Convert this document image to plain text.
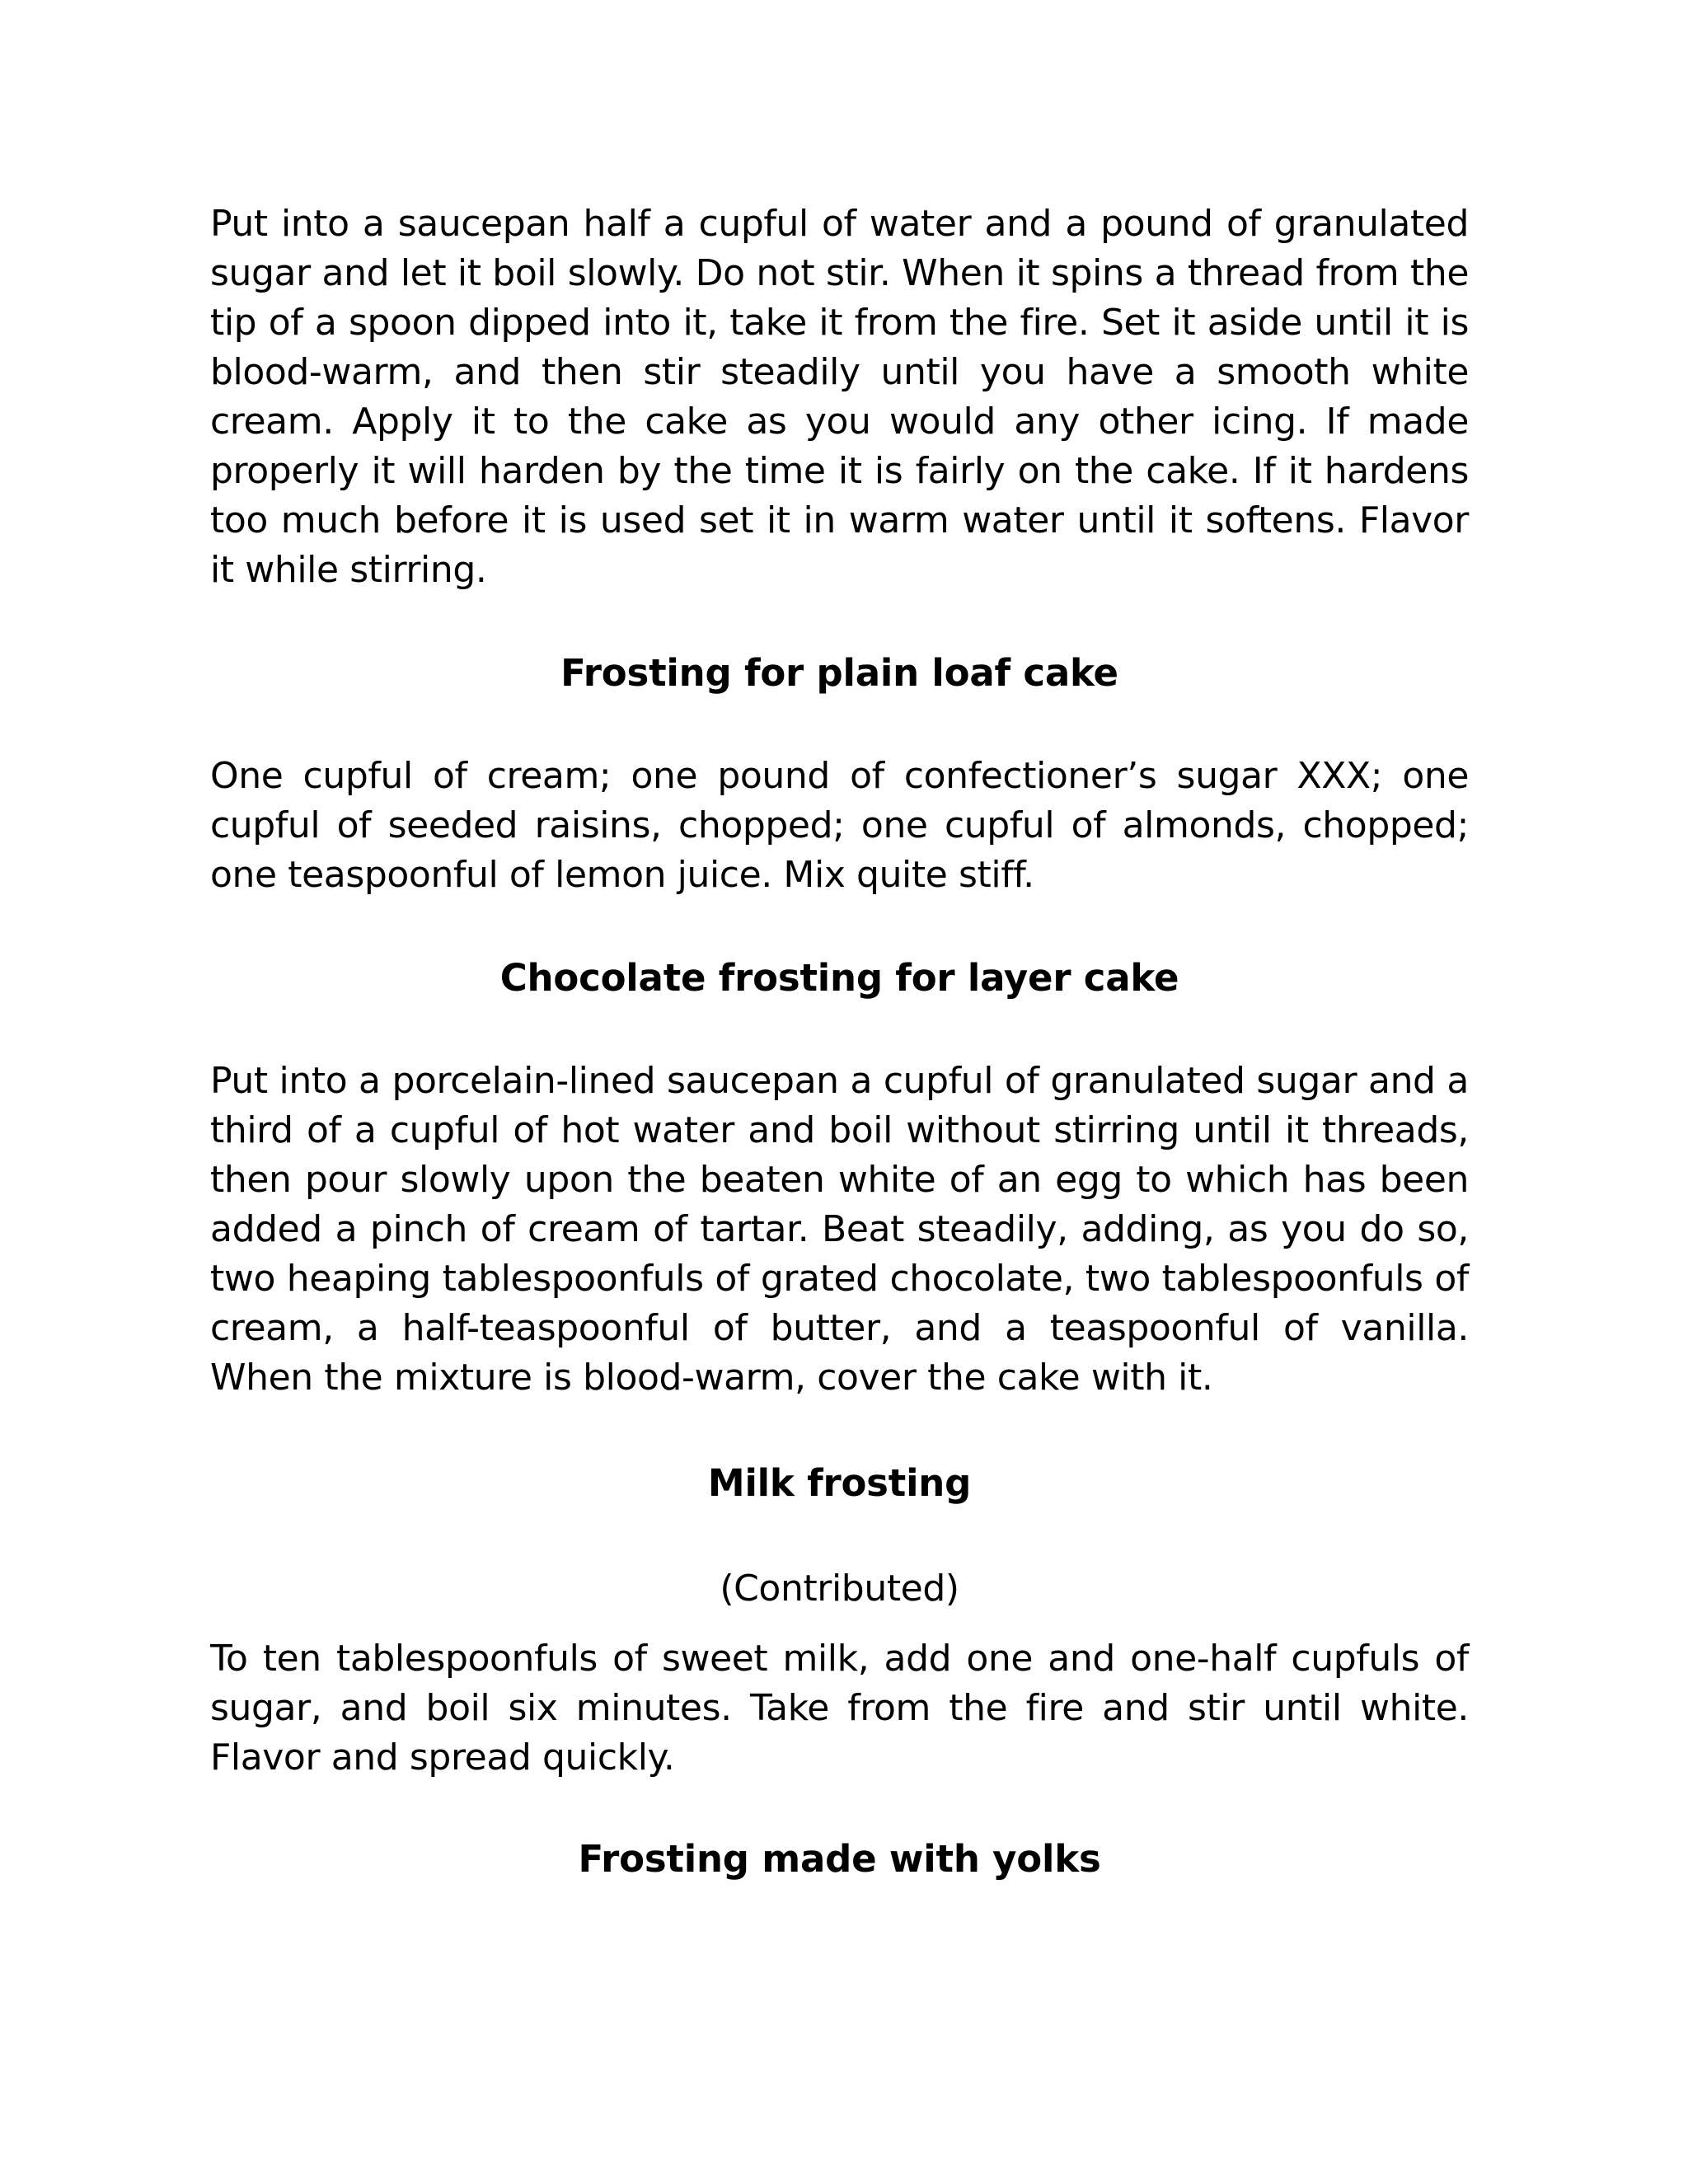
Put into a saucepan half a cupful of water and a pound of granulated sugar and let it boil slowly. Do not stir. When it spins a thread from the tip of a spoon dipped into it, take it from the fire. Set it aside until it is blood-warm, and then stir steadily until you have a smooth white cream. Apply it to the cake as you would any other icing. If made properly it will harden by the time it is fairly on the cake. If it hardens too much before it is used set it in warm water until it softens. Flavor it while stirring.

Frosting for plain loaf cake

One cupful of cream; one pound of confectioner’s sugar XXX; one cupful of seeded raisins, chopped; one cupful of almonds, chopped; one teaspoonful of lemon juice. Mix quite stiff.

Chocolate frosting for layer cake

Put into a porcelain-lined saucepan a cupful of granulated sugar and a third of a cupful of hot water and boil without stirring until it threads, then pour slowly upon the beaten white of an egg to which has been added a pinch of cream of tartar. Beat steadily, adding, as you do so, two heaping tablespoonfuls of grated chocolate, two tablespoonfuls of cream, a half-teaspoonful of butter, and a teaspoonful of vanilla. When the mixture is blood-warm, cover the cake with it.

Milk frosting

(Contributed)

To ten tablespoonfuls of sweet milk, add one and one-half cupfuls of sugar, and boil six minutes. Take from the fire and stir until white. Flavor and spread quickly.

Frosting made with yolks
